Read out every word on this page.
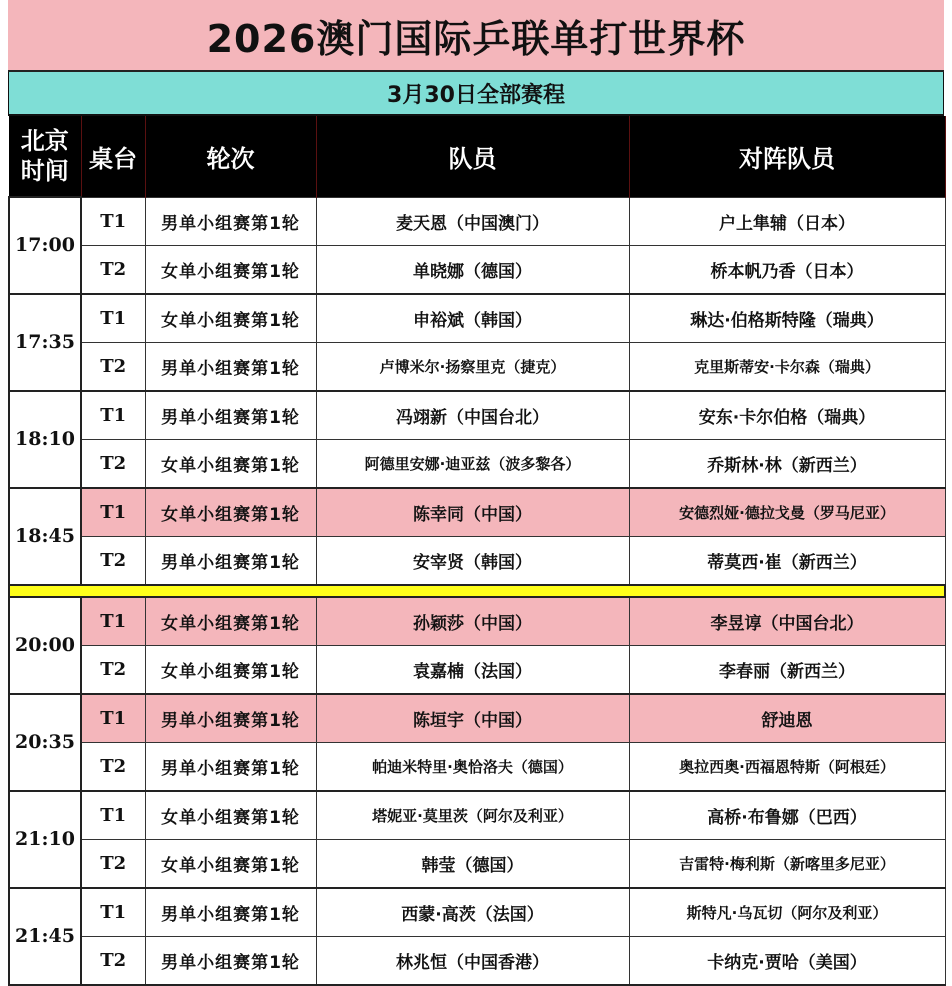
2026澳门国际乒联单打世界杯
3月30日全部赛程
北京时间	桌台	轮次	队员	对阵队员
17:00	T1	男单小组赛第1轮	麦天恩（中国澳门）	户上隼辅（日本）
	T2	女单小组赛第1轮	单晓娜（德国）	桥本帆乃香（日本）
17:35	T1	女单小组赛第1轮	申裕斌（韩国）	琳达·伯格斯特隆（瑞典）
	T2	男单小组赛第1轮	卢博米尔·扬察里克（捷克）	克里斯蒂安·卡尔森（瑞典）
18:10	T1	男单小组赛第1轮	冯翊新（中国台北）	安东·卡尔伯格（瑞典）
	T2	女单小组赛第1轮	阿德里安娜·迪亚兹（波多黎各）	乔斯林·林（新西兰）
18:45	T1	女单小组赛第1轮	陈幸同（中国）	安德烈娅·德拉戈曼（罗马尼亚）
	T2	男单小组赛第1轮	安宰贤（韩国）	蒂莫西·崔（新西兰）

20:00	T1	女单小组赛第1轮	孙颖莎（中国）	李昱谆（中国台北）
	T2	女单小组赛第1轮	袁嘉楠（法国）	李春丽（新西兰）
20:35	T1	男单小组赛第1轮	陈垣宇（中国）	舒迪恩
	T2	男单小组赛第1轮	帕迪米特里·奥恰洛夫（德国）	奥拉西奥·西福恩特斯（阿根廷）
21:10	T1	女单小组赛第1轮	塔妮亚·莫里茨（阿尔及利亚）	高桥·布鲁娜（巴西）
	T2	女单小组赛第1轮	韩莹（德国）	吉雷特·梅利斯（新喀里多尼亚）
21:45	T1	男单小组赛第1轮	西蒙·高茨（法国）	斯特凡·乌瓦切（阿尔及利亚）
	T2	男单小组赛第1轮	林兆恒（中国香港）	卡纳克·贾哈（美国）
